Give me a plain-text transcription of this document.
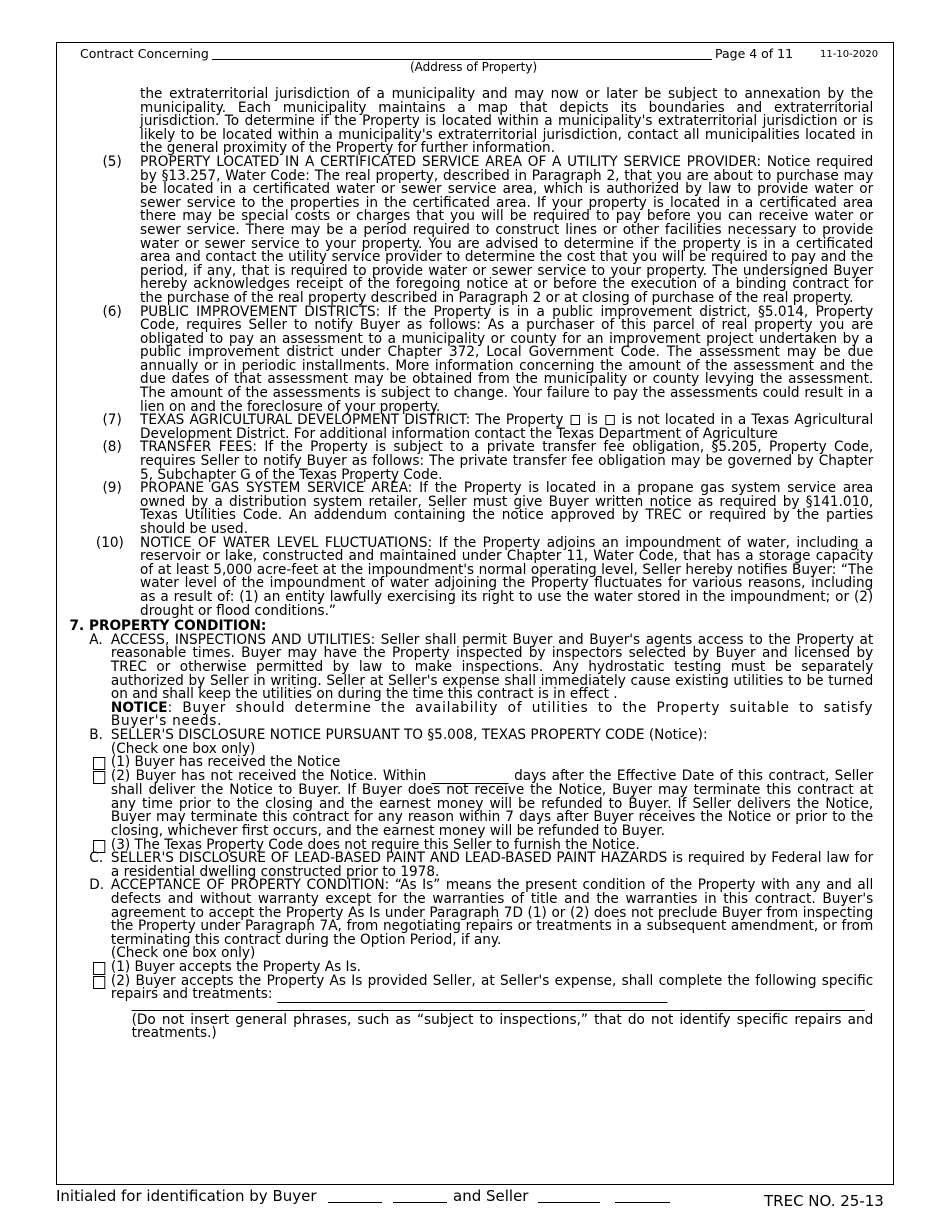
Contract Concerning
(Address of Property)
Page 4 of 11	11-10-2020

the extraterritorial jurisdiction of a municipality and may now or later be subject to annexation by the municipality. Each municipality maintains a map that depicts its boundaries and extraterritorial jurisdiction. To determine if the Property is located within a municipality's extraterritorial jurisdiction or is likely to be located within a municipality's extraterritorial jurisdiction, contact all municipalities located in the general proximity of the Property for further information.

(5) PROPERTY LOCATED IN A CERTIFICATED SERVICE AREA OF A UTILITY SERVICE PROVIDER: Notice required by §13.257, Water Code: The real property, described in Paragraph 2, that you are about to purchase may be located in a certificated water or sewer service area, which is authorized by law to provide water or sewer service to the properties in the certificated area. If your property is located in a certificated area there may be special costs or charges that you will be required to pay before you can receive water or sewer service. There may be a period required to construct lines or other facilities necessary to provide water or sewer service to your property. You are advised to determine if the property is in a certificated area and contact the utility service provider to determine the cost that you will be required to pay and the period, if any, that is required to provide water or sewer service to your property. The undersigned Buyer hereby acknowledges receipt of the foregoing notice at or before the execution of a binding contract for the purchase of the real property described in Paragraph 2 or at closing of purchase of the real property.

(6) PUBLIC IMPROVEMENT DISTRICTS: If the Property is in a public improvement district, §5.014, Property Code, requires Seller to notify Buyer as follows: As a purchaser of this parcel of real property you are obligated to pay an assessment to a municipality or county for an improvement project undertaken by a public improvement district under Chapter 372, Local Government Code. The assessment may be due annually or in periodic installments. More information concerning the amount of the assessment and the due dates of that assessment may be obtained from the municipality or county levying the assessment. The amount of the assessments is subject to change. Your failure to pay the assessments could result in a lien on and the foreclosure of your property.

(7) TEXAS AGRICULTURAL DEVELOPMENT DISTRICT: The Property is is not located in a Texas Agricultural Development District. For additional information contact the Texas Department of Agriculture

(8) TRANSFER FEES: If the Property is subject to a private transfer fee obligation, §5.205, Property Code, requires Seller to notify Buyer as follows: The private transfer fee obligation may be governed by Chapter 5, Subchapter G of the Texas Property Code.

(9) PROPANE GAS SYSTEM SERVICE AREA: If the Property is located in a propane gas system service area owned by a distribution system retailer, Seller must give Buyer written notice as required by §141.010, Texas Utilities Code. An addendum containing the notice approved by TREC or required by the parties should be used.

(10) NOTICE OF WATER LEVEL FLUCTUATIONS: If the Property adjoins an impoundment of water, including a reservoir or lake, constructed and maintained under Chapter 11, Water Code, that has a storage capacity of at least 5,000 acre-feet at the impoundment's normal operating level, Seller hereby notifies Buyer: “The water level of the impoundment of water adjoining the Property fluctuates for various reasons, including as a result of: (1) an entity lawfully exercising its right to use the water stored in the impoundment; or (2) drought or flood conditions.”

7. PROPERTY CONDITION:

A. ACCESS, INSPECTIONS AND UTILITIES: Seller shall permit Buyer and Buyer's agents access to the Property at reasonable times. Buyer may have the Property inspected by inspectors selected by Buyer and licensed by TREC or otherwise permitted by law to make inspections. Any hydrostatic testing must be separately authorized by Seller in writing. Seller at Seller's expense shall immediately cause existing utilities to be turned on and shall keep the utilities on during the time this contract is in effect .

NOTICE: Buyer should determine the availability of utilities to the Property suitable to satisfy Buyer's needs.

B. SELLER'S DISCLOSURE NOTICE PURSUANT TO §5.008, TEXAS PROPERTY CODE (Notice):

(Check one box only)

(1) Buyer has received the Notice

(2) Buyer has not received the Notice. Within	days after the Effective Date of this contract, Seller shall deliver the Notice to Buyer. If Buyer does not receive the Notice, Buyer may terminate this contract at any time prior to the closing and the earnest money will be refunded to Buyer. If Seller delivers the Notice, Buyer may terminate this contract for any reason within 7 days after Buyer receives the Notice or prior to the closing, whichever first occurs, and the earnest money will be refunded to Buyer.

(3) The Texas Property Code does not require this Seller to furnish the Notice.

C. SELLER'S DISCLOSURE OF LEAD-BASED PAINT AND LEAD-BASED PAINT HAZARDS is required by Federal law for a residential dwelling constructed prior to 1978.

D. ACCEPTANCE OF PROPERTY CONDITION: “As Is” means the present condition of the Property with any and all defects and without warranty except for the warranties of title and the warranties in this contract. Buyer's agreement to accept the Property As Is under Paragraph 7D (1) or (2) does not preclude Buyer from inspecting the Property under Paragraph 7A, from negotiating repairs or treatments in a subsequent amendment, or from terminating this contract during the Option Period, if any.

(Check one box only)

(1) Buyer accepts the Property As Is.

(2) Buyer accepts the Property As Is provided Seller, at Seller's expense, shall complete the following specific repairs and treatments:

(Do not insert general phrases, such as “subject to inspections,” that do not identify specific repairs and treatments.)

Initialed for identification by Buyer	and Seller	TREC NO. 25-13
